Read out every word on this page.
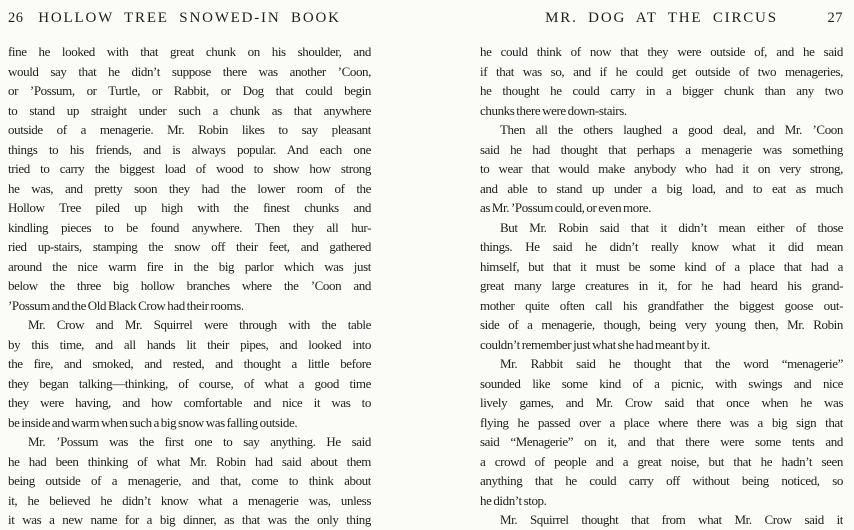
26 HOLLOW TREE SNOWED-IN BOOK
fine he looked with that great chunk on his shoulder, and
would say that he didn’t suppose there was another ’Coon,
or ’Possum, or Turtle, or Rabbit, or Dog that could begin
to stand up straight under such a chunk as that anywhere
outside of a menagerie. Mr. Robin likes to say pleasant
things to his friends, and is always popular. And each one
tried to carry the biggest load of wood to show how strong
he was, and pretty soon they had the lower room of the
Hollow Tree piled up high with the finest chunks and
kindling pieces to be found anywhere. Then they all hur-
ried up-stairs, stamping the snow off their feet, and gathered
around the nice warm fire in the big parlor which was just
below the three big hollow branches where the ’Coon and
’Possum and the Old Black Crow had their rooms.
Mr. Crow and Mr. Squirrel were through with the table
by this time, and all hands lit their pipes, and looked into
the fire, and smoked, and rested, and thought a little before
they began talking—thinking, of course, of what a good time
they were having, and how comfortable and nice it was to
be inside and warm when such a big snow was falling outside.
Mr. ’Possum was the first one to say anything. He said
he had been thinking of what Mr. Robin had said about them
being outside of a menagerie, and that, come to think about
it, he believed he didn’t know what a menagerie was, unless
it was a new name for a big dinner, as that was the only thing
MR. DOG AT THE CIRCUS	27
he could think of now that they were outside of, and he said
if that was so, and if he could get outside of two menageries,
he thought he could carry in a bigger chunk than any two
chunks there were down-stairs.
Then all the others laughed a good deal, and Mr. ’Coon
said he had thought that perhaps a menagerie was something
to wear that would make anybody who had it on very strong,
and able to stand up under a big load, and to eat as much
as Mr. ’Possum could, or even more.
But Mr. Robin said that it didn’t mean either of those
things. He said he didn’t really know what it did mean
himself, but that it must be some kind of a place that had a
great many large creatures in it, for he had heard his grand-
mother quite often call his grandfather the biggest goose out-
side of a menagerie, though, being very young then, Mr. Robin
couldn’t remember just what she had meant by it.
Mr. Rabbit said he thought that the word “menagerie”
sounded like some kind of a picnic, with swings and nice
lively games, and Mr. Crow said that once when he was
flying he passed over a place where there was a big sign that
said “Menagerie” on it, and that there were some tents and
a crowd of people and a great noise, but that he hadn’t seen
anything that he could carry off without being noticed, so
he didn’t stop.
Mr. Squirrel thought that from what Mr. Crow said it
